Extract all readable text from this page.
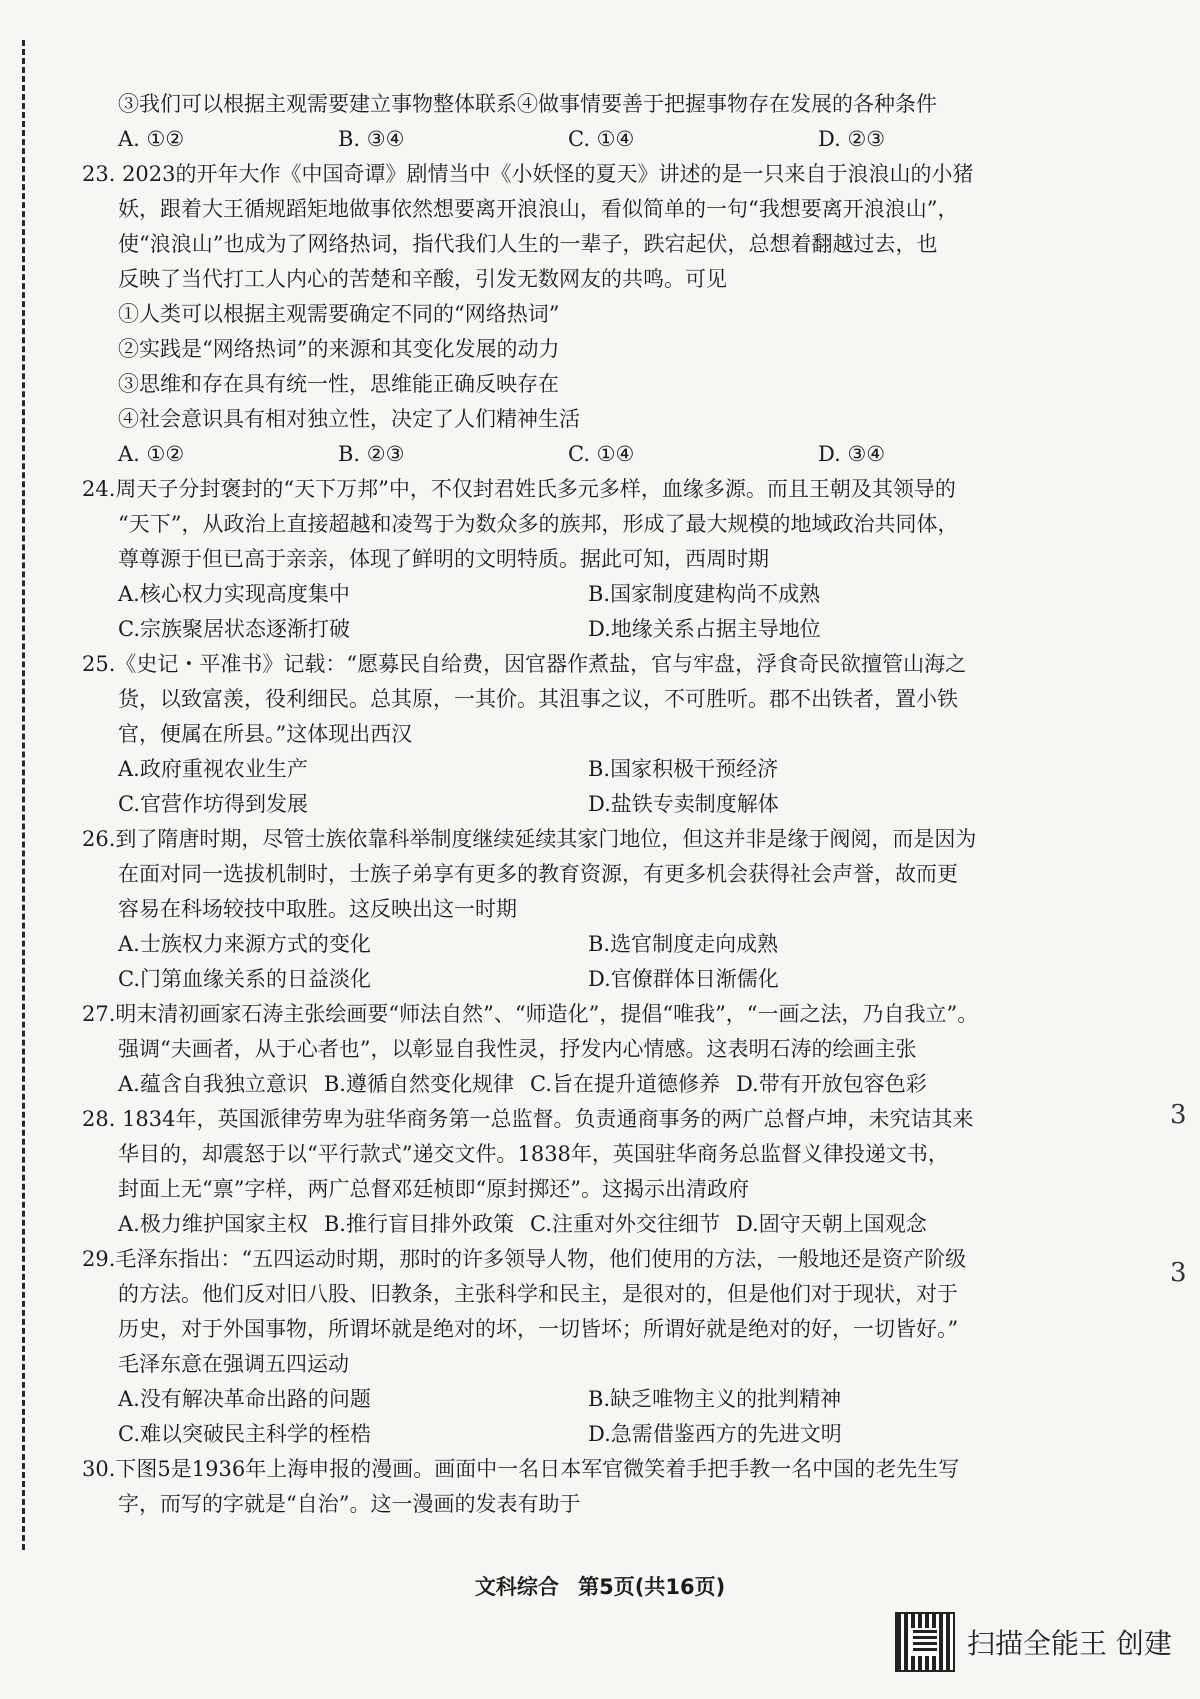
3
3
③我们可以根据主观需要建立事物整体联系④做事情要善于把握事物存在发展的各种条件
A. ①②	B. ③④	C. ①④	D. ②③
23. 2023的开年大作《中国奇谭》剧情当中《小妖怪的夏天》讲述的是一只来自于浪浪山的小猪
妖，跟着大王循规蹈矩地做事依然想要离开浪浪山，看似简单的一句“我想要离开浪浪山”，
使“浪浪山”也成为了网络热词，指代我们人生的一辈子，跌宕起伏，总想着翻越过去，也
反映了当代打工人内心的苦楚和辛酸，引发无数网友的共鸣。可见
①人类可以根据主观需要确定不同的“网络热词”
②实践是“网络热词”的来源和其变化发展的动力
③思维和存在具有统一性，思维能正确反映存在
④社会意识具有相对独立性，决定了人们精神生活
A. ①②	B. ②③	C. ①④	D. ③④
24.周天子分封褒封的“天下万邦”中，不仅封君姓氏多元多样，血缘多源。而且王朝及其领导的
“天下”，从政治上直接超越和凌驾于为数众多的族邦，形成了最大规模的地域政治共同体，
尊尊源于但已高于亲亲，体现了鲜明的文明特质。据此可知，西周时期
A.核心权力实现高度集中	B.国家制度建构尚不成熟
C.宗族聚居状态逐渐打破	D.地缘关系占据主导地位
25.《史记・平准书》记载：“愿募民自给费，因官器作煮盐，官与牢盘，浮食奇民欲擅管山海之
货，以致富羡，役利细民。总其原，一其价。其沮事之议，不可胜听。郡不出铁者，置小铁
官，便属在所县。”这体现出西汉
A.政府重视农业生产	B.国家积极干预经济
C.官营作坊得到发展	D.盐铁专卖制度解体
26.到了隋唐时期，尽管士族依靠科举制度继续延续其家门地位，但这并非是缘于阀阅，而是因为
在面对同一选拔机制时，士族子弟享有更多的教育资源，有更多机会获得社会声誉，故而更
容易在科场较技中取胜。这反映出这一时期
A.士族权力来源方式的变化	B.选官制度走向成熟
C.门第血缘关系的日益淡化	D.官僚群体日渐儒化
27.明末清初画家石涛主张绘画要“师法自然”、“师造化”，提倡“唯我”，“一画之法，乃自我立”。
强调“夫画者，从于心者也”，以彰显自我性灵，抒发内心情感。这表明石涛的绘画主张
A.蕴含自我独立意识 B.遵循自然变化规律 C.旨在提升道德修养 D.带有开放包容色彩
28. 1834年，英国派律劳卑为驻华商务第一总监督。负责通商事务的两广总督卢坤，未究诘其来
华目的，却震怒于以“平行款式”递交文件。1838年，英国驻华商务总监督义律投递文书，
封面上无“禀”字样，两广总督邓廷桢即“原封掷还”。这揭示出清政府
A.极力维护国家主权 B.推行盲目排外政策 C.注重对外交往细节 D.固守天朝上国观念
29.毛泽东指出：“五四运动时期，那时的许多领导人物，他们使用的方法，一般地还是资产阶级
的方法。他们反对旧八股、旧教条，主张科学和民主，是很对的，但是他们对于现状，对于
历史，对于外国事物，所谓坏就是绝对的坏，一切皆坏；所谓好就是绝对的好，一切皆好。”
毛泽东意在强调五四运动
A.没有解决革命出路的问题	B.缺乏唯物主义的批判精神
C.难以突破民主科学的桎梏	D.急需借鉴西方的先进文明
30.下图5是1936年上海申报的漫画。画面中一名日本军官微笑着手把手教一名中国的老先生写
字，而写的字就是“自治”。这一漫画的发表有助于
文科综合 第5页(共16页)
扫描全能王 创建
